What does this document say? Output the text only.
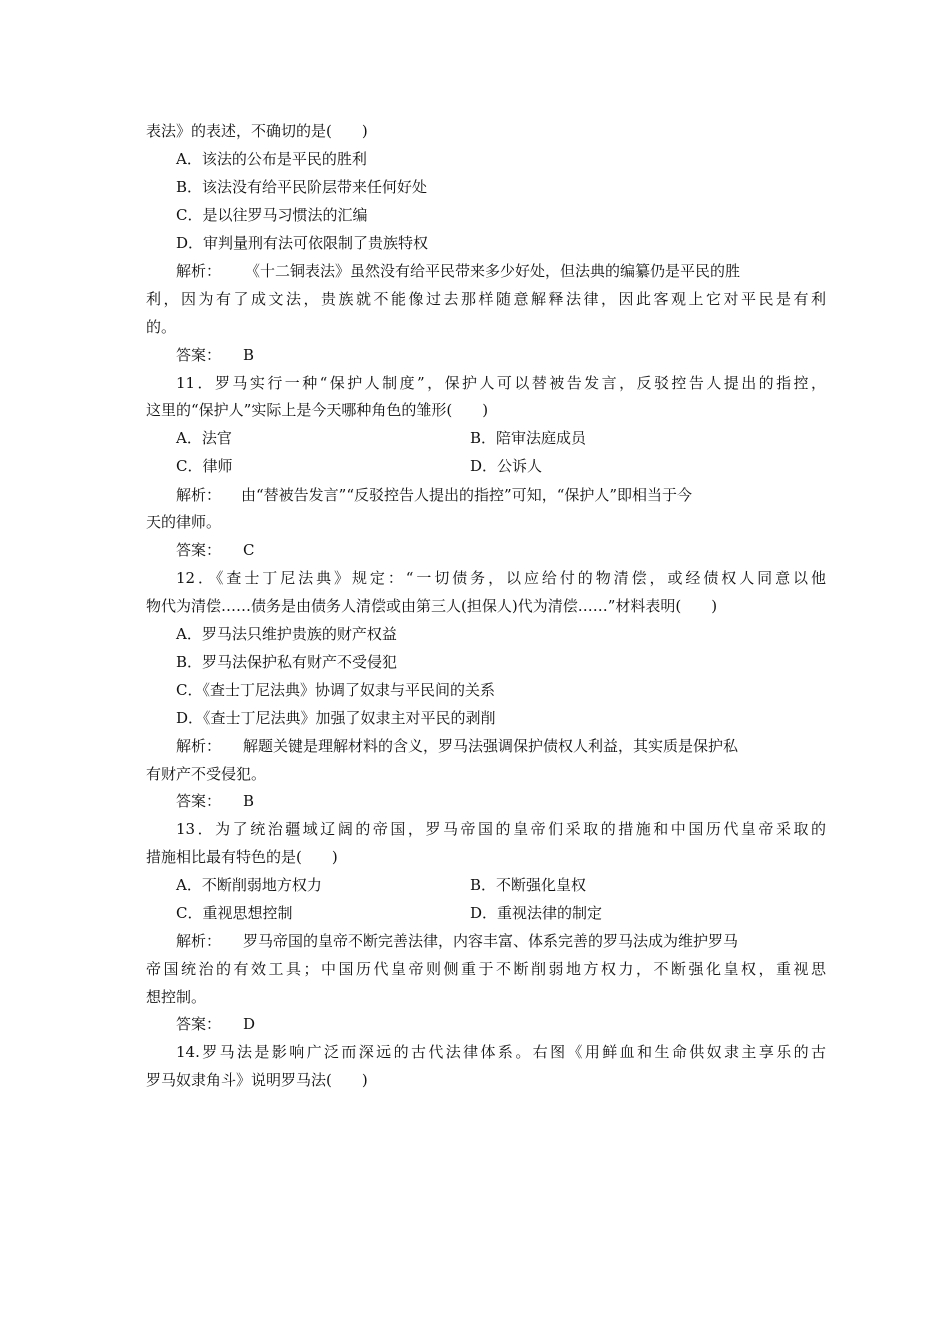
表法》的表述，不确切的是(　　)
A．该法的公布是平民的胜利
B．该法没有给平民阶层带来任何好处
C．是以往罗马习惯法的汇编
D．审判量刑有法可依限制了贵族特权
解析： 《十二铜表法》虽然没有给平民带来多少好处，但法典的编纂仍是平民的胜
利，因为有了成文法，贵族就不能像过去那样随意解释法律，因此客观上它对平民是有利
的。
答案： B
11．罗马实行一种“保护人制度”，保护人可以替被告发言，反驳控告人提出的指控，
这里的“保护人”实际上是今天哪种角色的雏形(　　)
A．法官	B．陪审法庭成员
C．律师	D．公诉人
解析： 由“替被告发言”“反驳控告人提出的指控”可知，“保护人”即相当于今
天的律师。
答案： C
12．《查士丁尼法典》规定：“一切债务，以应给付的物清偿，或经债权人同意以他
物代为清偿……债务是由债务人清偿或由第三人(担保人)代为清偿……”材料表明(　　)
A．罗马法只维护贵族的财产权益
B．罗马法保护私有财产不受侵犯
C．《查士丁尼法典》协调了奴隶与平民间的关系
D．《查士丁尼法典》加强了奴隶主对平民的剥削
解析： 解题关键是理解材料的含义，罗马法强调保护债权人利益，其实质是保护私
有财产不受侵犯。
答案： B
13．为了统治疆域辽阔的帝国，罗马帝国的皇帝们采取的措施和中国历代皇帝采取的
措施相比最有特色的是(　　)
A．不断削弱地方权力	B．不断强化皇权
C．重视思想控制	D．重视法律的制定
解析： 罗马帝国的皇帝不断完善法律，内容丰富、体系完善的罗马法成为维护罗马
帝国统治的有效工具；中国历代皇帝则侧重于不断削弱地方权力，不断强化皇权，重视思
想控制。
答案： D
14.罗马法是影响广泛而深远的古代法律体系。右图《用鲜血和生命供奴隶主享乐的古
罗马奴隶角斗》说明罗马法(　　)
